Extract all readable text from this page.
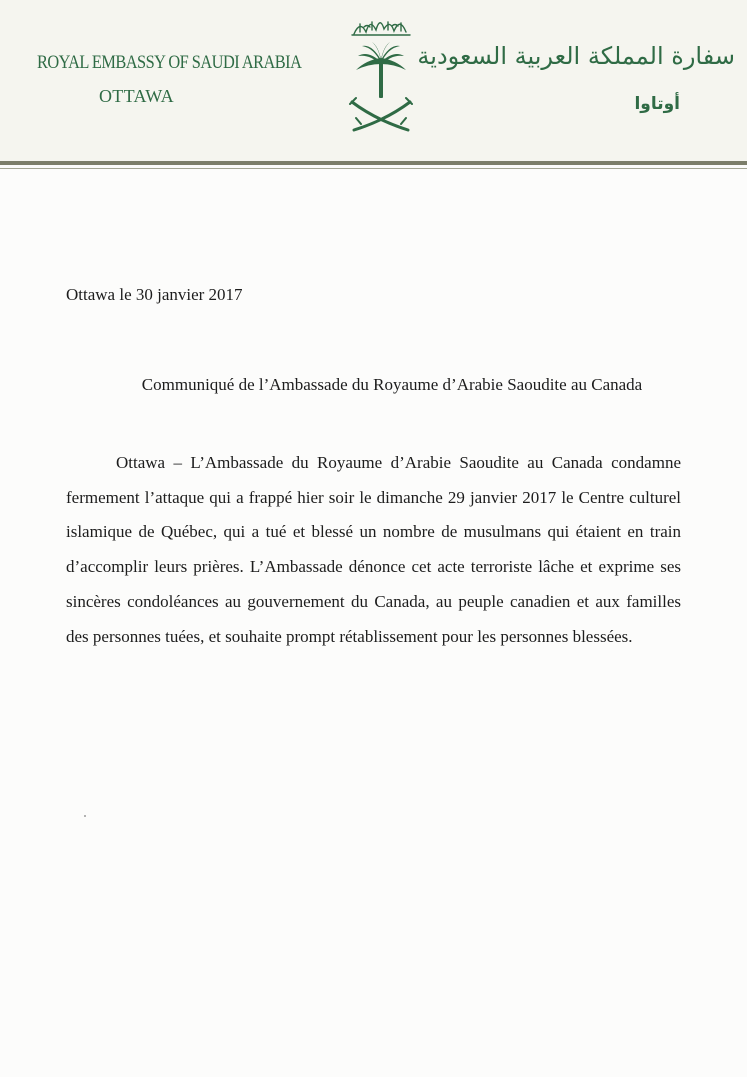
ROYAL EMBASSY OF SAUDI ARABIA
OTTAWA
سفارة المملكة العربية السعودية
أوتاوا
Ottawa le 30 janvier 2017
Communiqué de l’Ambassade du Royaume d’Arabie Saoudite au Canada
Ottawa – L’Ambassade du Royaume d’Arabie Saoudite au Canada condamne fermement l’attaque qui a frappé hier soir le dimanche 29 janvier 2017 le Centre culturel islamique de Québec, qui a tué et blessé un nombre de musulmans qui étaient en train d’accomplir leurs prières. L’Ambassade dénonce cet acte terroriste lâche et exprime ses sincères condoléances au gouvernement du Canada, au peuple canadien et aux familles des personnes tuées, et souhaite prompt rétablissement pour les personnes blessées.
